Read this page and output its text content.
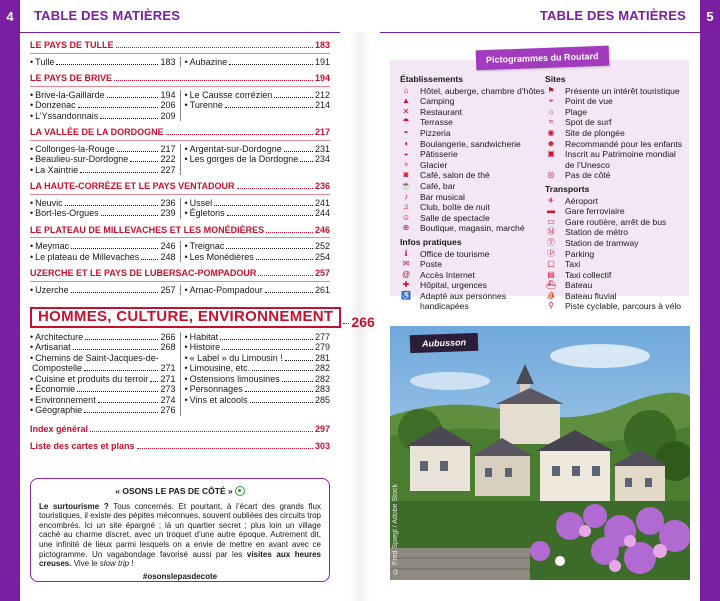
4	5
TABLE DES MATIÈRES	TABLE DES MATIÈRES
LE PAYS DE TULLE	183
• Tulle	183 • Aubazine	191
LE PAYS DE BRIVE	194
• Brive-la-Gaillarde	194
• Donzenac	206
• L’Yssandonnais	209
• Le Causse corrézien	212
• Turenne	214
LA VALLÉE DE LA DORDOGNE	217
• Collonges-la-Rouge	217
• Beaulieu-sur-Dordogne	222
• La Xaintrie	227
• Argentat-sur-Dordogne	231
• Les gorges de la Dordogne 234
LA HAUTE-CORRÈZE ET LE PAYS VENTADOUR	236
• Neuvic	236
• Bort-les-Orgues	239
• Ussel	241
• Égletons	244
LE PLATEAU DE MILLEVACHES ET LES MONÉDIÈRES	246
• Meymac	246
• Le plateau de Millevaches 248
• Treignac	252
• Les Monédières	254
UZERCHE ET LE PAYS DE LUBERSAC-POMPADOUR	257
• Uzerche	257 • Arnac-Pompadour	261
HOMMES, CULTURE, ENVIRONNEMENT	266
• Architecture	266
• Artisanat	268
• Chemins de Saint-Jacques-de-
Compostelle	271
• Cuisine et produits du terroir 271
• Économie	273
• Environnement	274
• Géographie	276
• Habitat	277
• Histoire	279
• « Label » du Limousin !	281
• Limousine, etc.	282
• Ostensions limousines	282
• Personnages	283
• Vins et alcools	285
Index général	297
Liste des cartes et plans	303
« OSONS LE PAS DE CÔTÉ »

Le surtourisme ? Tous concernés. Et pourtant, à l’écart des grands flux touristiques, il existe des pépites méconnues, souvent oubliées des circuits trop encombrés. Ici un site épargné ; là un quartier secret ; plus loin un village caché au charme discret, avec un troquet d’une autre époque. Autrement dit, une infinité de lieux parmi lesquels on a envie de mettre en avant avec ce pictogramme. Un vagabondage favorisé aussi par les visites aux heures creuses. Vive le slow trip !

#osonslepasdecote
Pictogrammes du Routard
Établissements
⌂	Hôtel, auberge, chambre d’hôtes
▲ Camping
✕	Restaurant
☂ Terrasse
◓	Pizzeria
◖	Boulangerie, sandwicherie
◒	Pâtisserie
♆	Glacier
◙	Café, salon de thé
☕ Café, bar
♪	Bar musical
♫	Club, boîte de nuit
☺ Salle de spectacle
⊕	Boutique, magasin, marché
Infos pratiques
ℹ	Office de tourisme
✉	Poste
@ Accès Internet
✚	Hôpital, urgences
♿ Adapté aux personnes handicapées
Sites
⚑ Présente un intérêt touristique
⌖	Point de vue
☼ Plage
≈	Spot de surf
◉ Site de plongée
☻ Recommandé pour les enfants
▣ Inscrit au Patrimoine mondial de l’Unesco
◎ Pas de côté
Transports
✈	Aéroport
▬ Gare ferroviaire
▭ Gare routière, arrêt de bus
Ⓜ Station de métro
Ⓣ Station de tramway
Ⓟ Parking
▢ Taxi
▤ Taxi collectif
⛴ Bateau
⛵ Bateau fluvial
⚲	Piste cyclable, parcours à vélo
Aubusson
© Fred Spiegl / Adobe Stock
